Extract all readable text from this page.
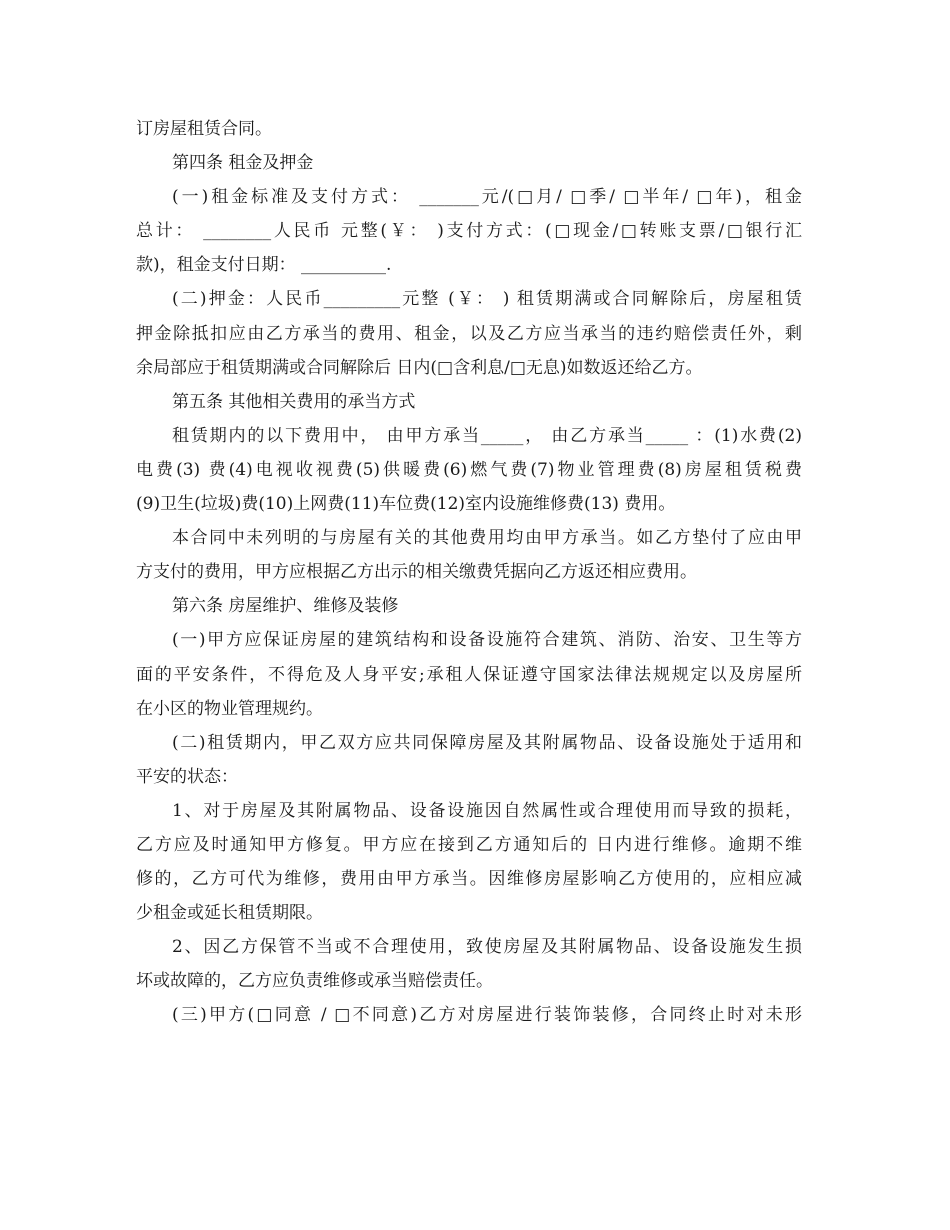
订房屋租赁合同。
第四条 租金及押金
(一)租金标准及支付方式： _______元/(□月/ □季/ □半年/ □年)，租金
总计： ________人民币 元整(￥： )支付方式：(□现金/□转账支票/□银行汇
款)，租金支付日期： __________.
(二)押金：人民币_________元整 (￥： ) 租赁期满或合同解除后，房屋租赁
押金除抵扣应由乙方承当的费用、租金，以及乙方应当承当的违约赔偿责任外，剩
余局部应于租赁期满或合同解除后 日内(□含利息/□无息)如数返还给乙方。
第五条 其他相关费用的承当方式
租赁期内的以下费用中， 由甲方承当_____， 由乙方承当_____ ：(1)水费(2)
电费(3) 费(4)电视收视费(5)供暖费(6)燃气费(7)物业管理费(8)房屋租赁税费
(9)卫生(垃圾)费(10)上网费(11)车位费(12)室内设施维修费(13) 费用。
本合同中未列明的与房屋有关的其他费用均由甲方承当。如乙方垫付了应由甲
方支付的费用，甲方应根据乙方出示的相关缴费凭据向乙方返还相应费用。
第六条 房屋维护、维修及装修
(一)甲方应保证房屋的建筑结构和设备设施符合建筑、消防、治安、卫生等方
面的平安条件，不得危及人身平安;承租人保证遵守国家法律法规规定以及房屋所
在小区的物业管理规约。
(二)租赁期内，甲乙双方应共同保障房屋及其附属物品、设备设施处于适用和
平安的状态：
1、对于房屋及其附属物品、设备设施因自然属性或合理使用而导致的损耗，
乙方应及时通知甲方修复。甲方应在接到乙方通知后的 日内进行维修。逾期不维
修的，乙方可代为维修，费用由甲方承当。因维修房屋影响乙方使用的，应相应减
少租金或延长租赁期限。
2、因乙方保管不当或不合理使用，致使房屋及其附属物品、设备设施发生损
坏或故障的，乙方应负责维修或承当赔偿责任。
(三)甲方(□同意 / □不同意)乙方对房屋进行装饰装修，合同终止时对未形
